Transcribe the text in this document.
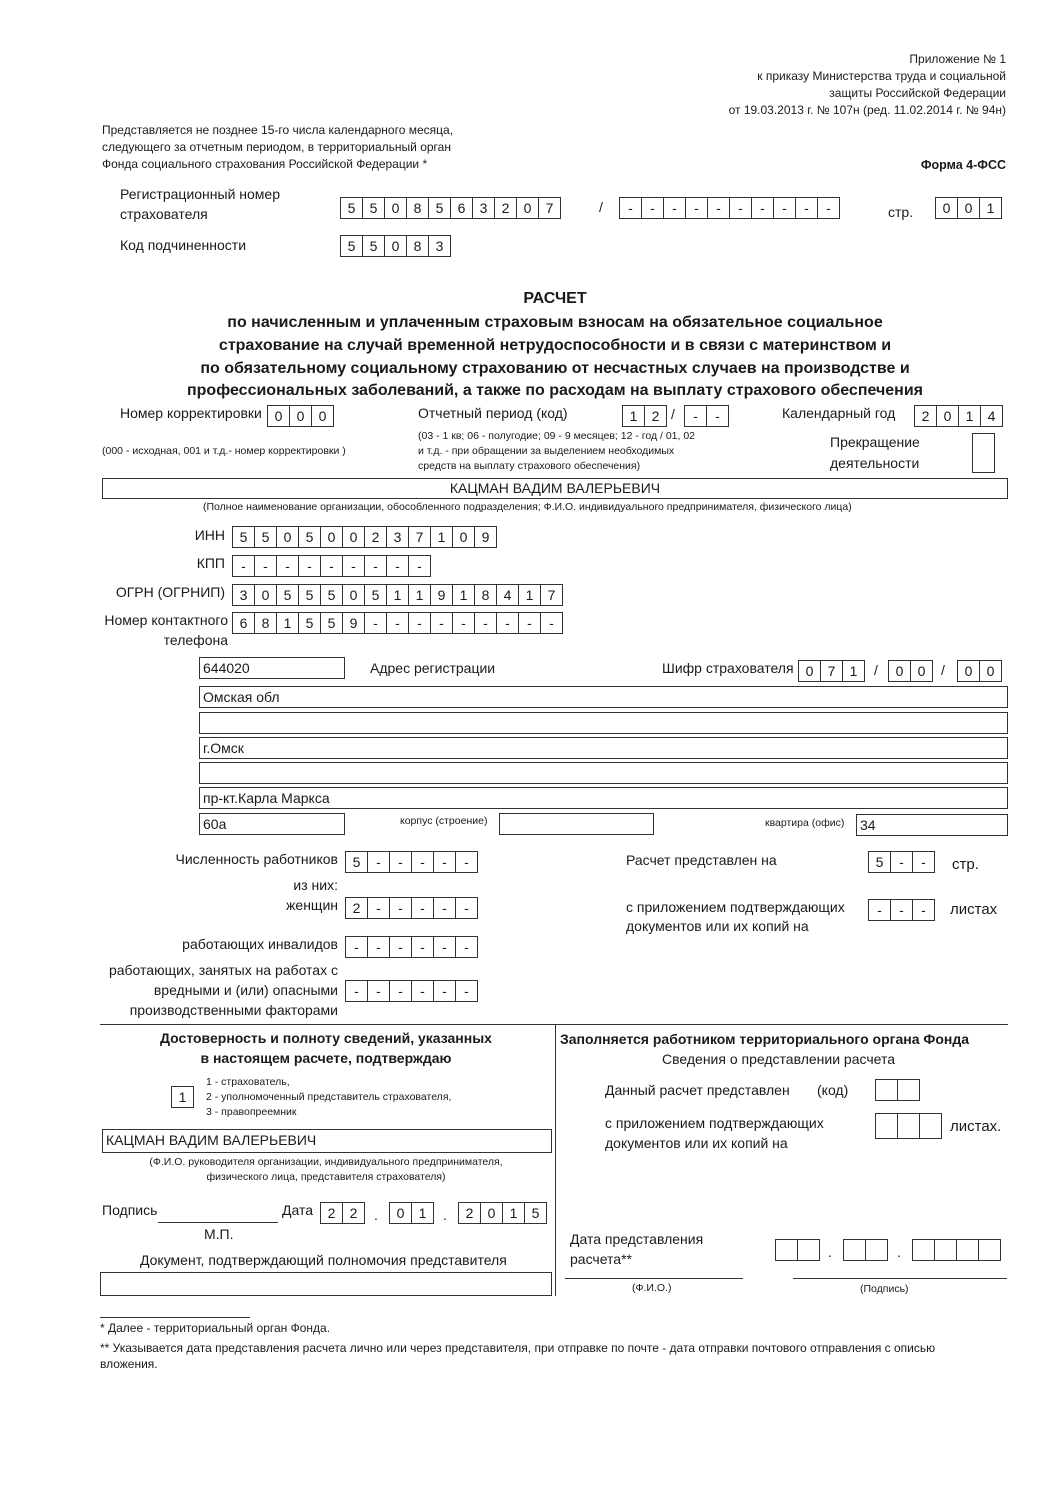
Приложение № 1
к приказу Министерства труда и социальной
защиты Российской Федерации
от 19.03.2013 г. № 107н (ред. 11.02.2014 г. № 94н)
Представляется не позднее 15-го числа календарного месяца,
следующего за отчетным периодом, в территориальный орган
Фонда социального страхования Российской Федерации *	Форма 4-ФСС
Регистрационный номер
страхователя	5	5	0	8	5	6	3	2	0	7	/	-	-	-	-	-	-	-	-	-	-	стр.	0	0	1
Код подчиненности	5	5	0	8	3
РАСЧЕТ
по начисленным и уплаченным страховым взносам на обязательное социальное
страхование на случай временной нетрудоспособности и в связи с материнством и
по обязательному социальному страхованию от несчастных случаев на производстве и
профессиональных заболеваний, а также по расходам на выплату страхового обеспечения
Номер корректировки 0	0	0
(000 - исходная, 001 и т.д.- номер корректировки )
Отчетный период (код)	1	2 /	-	-
(03 - 1 кв; 06 - полугодие; 09 - 9 месяцев; 12 - год / 01, 02
и т.д. - при обращении за выделением необходимых
средств на выплату страхового обеспечения)
Календарный год	2	0	1	4
Прекращение
деятельности
КАЦМАН ВАДИМ ВАЛЕРЬЕВИЧ
(Полное наименование организации, обособленного подразделения; Ф.И.О. индивидуального предпринимателя, физического лица)
ИНН	5	5	0	5	0	0	2	3	7	1	0	9
КПП	-	-	-	-	-	-	-	-	-
ОГРН (ОГРНИП)	3	0	5	5	5	0	5	1	1	9	1	8	4	1	7
Номер контактного
телефона
6	8	1	5	5	9	-	-	-	-	-	-	-	-	-
644020	Адрес регистрации	Шифр страхователя 0	7	1	/	0	0	/	0	0
Омская обл
г.Омск
пр-кт.Карла Маркса
60а	корпус (строение)	квартира (офис) 34
Численность работников	5	-	-	-	-	-
из них:
женщин	2	-	-	-	-	-
работающих инвалидов	-	-	-	-	-	-
работающих, занятых на работах с
вредными и (или) опасными
производственными факторами
-	-	-	-	-	-
Расчет представлен на	5	-	-	стр.
с приложением подтверждающих
документов или их копий на
-	-	-	листах
Достоверность и полноту сведений, указанных
в настоящем расчете, подтверждаю
1
1 - страхователь,
2 - уполномоченный представитель страхователя,
3 - правопреемник
КАЦМАН ВАДИМ ВАЛЕРЬЕВИЧ
(Ф.И.О. руководителя организации, индивидуального предпринимателя,
физического лица, представителя страхователя)
Подпись	Дата	2	2	.	0	1	.	2	0	1	5
М.П.
Документ, подтверждающий полномочия представителя
Заполняется работником территориального органа Фонда
Сведения о представлении расчета
Данный расчет представлен (код)
с приложением подтверждающих
документов или их копий на
листах.
Дата представления
расчета**	.	.
(Ф.И.О.)	(Подпись)
* Далее - территориальный орган Фонда.
** Указывается дата представления расчета лично или через представителя, при отправке по почте - дата отправки почтового отправления с описью
вложения.
